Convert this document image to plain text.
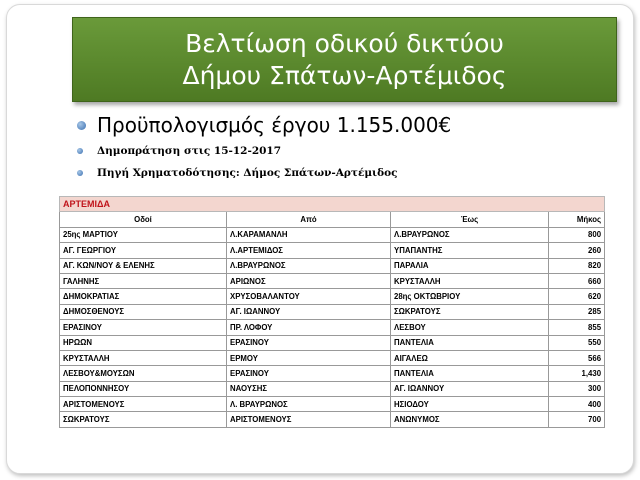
Βελτίωση οδικού δικτύου
Δήμου Σπάτων-Αρτέμιδος
Προϋπολογισμός έργου 1.155.000€
Δημοπράτηση στις 15-12-2017
Πηγή Χρηματοδότησης: Δήμος Σπάτων-Αρτέμιδος
ΑΡΤΕΜΙΔΑ			
Οδοί	Από	Έως	Μήκος
25ης ΜΑΡΤΙΟΥ	Λ.ΚΑΡΑΜΑΝΛΗ	Λ.ΒΡΑΥΡΩΝΟΣ	800
ΑΓ. ΓΕΩΡΓΙΟΥ	Λ.ΑΡΤΕΜΙΔΟΣ	ΥΠΑΠΑΝΤΗΣ	260
ΑΓ. ΚΩΝ/ΝΟΥ & ΕΛΕΝΗΣ	Λ.ΒΡΑΥΡΩΝΟΣ	ΠΑΡΑΛΙΑ	820
ΓΑΛΗΝΗΣ	ΑΡΙΩΝΟΣ	ΚΡΥΣΤΑΛΛΗ	660
ΔΗΜΟΚΡΑΤΙΑΣ	ΧΡΥΣΟΒΑΛΑΝΤΟΥ	28ης ΟΚΤΩΒΡΙΟΥ	620
ΔΗΜΟΣΘΕΝΟΥΣ	ΑΓ. ΙΩΑΝΝΟΥ	ΣΩΚΡΑΤΟΥΣ	285
ΕΡΑΣΙΝΟΥ	ΠΡ. ΛΟΦΟΥ	ΛΕΣΒΟΥ	855
ΗΡΩΩΝ	ΕΡΑΣΙΝΟΥ	ΠΑΝΤΕΛΙΑ	550
ΚΡΥΣΤΑΛΛΗ	ΕΡΜΟΥ	ΑΙΓΑΛΕΩ	566
ΛΕΣΒΟΥ&ΜΟΥΣΩΝ	ΕΡΑΣΙΝΟΥ	ΠΑΝΤΕΛΙΑ	1,430
ΠΕΛΟΠΟΝΝΗΣΟΥ	ΝΑΟΥΣΗΣ	ΑΓ. ΙΩΑΝΝΟΥ	300
ΑΡΙΣΤΟΜΕΝΟΥΣ	Λ. ΒΡΑΥΡΩΝΟΣ	ΗΣΙΟΔΟΥ	400
ΣΩΚΡΑΤΟΥΣ	ΑΡΙΣΤΟΜΕΝΟΥΣ	ΑΝΩΝΥΜΟΣ	700
